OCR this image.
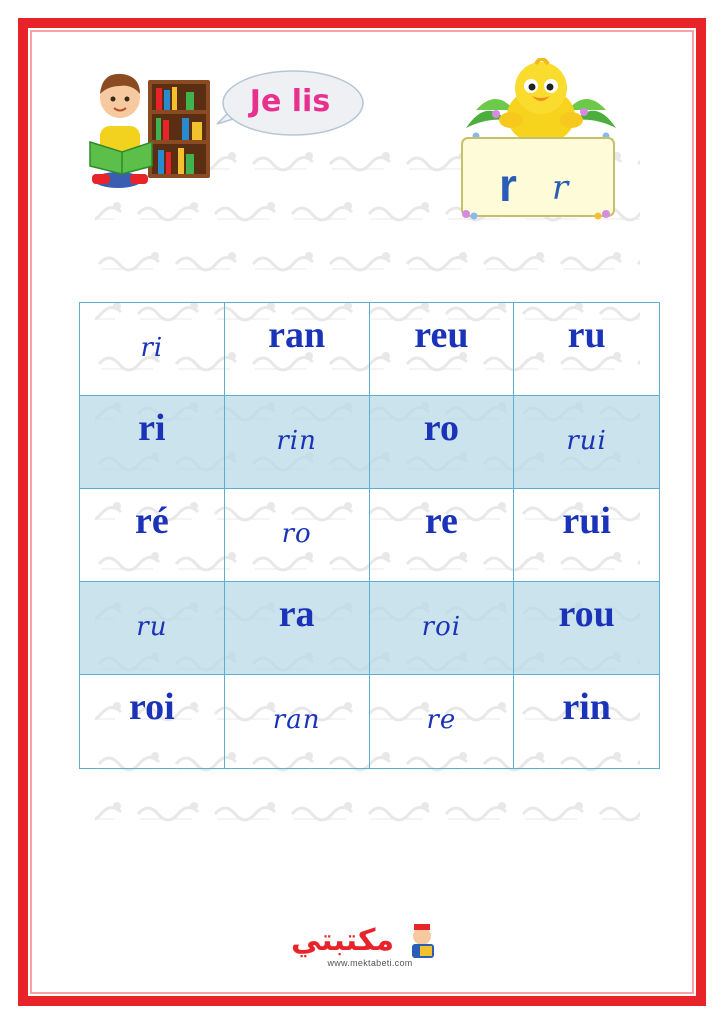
Je lis
r	r
ri	ran	reu	ru
ri	rin	ro	rui
ré	ro	re	rui
ru	ra	roi	rou
roi	ran	re	rin
مكتبتي
www.mektabeti.com
